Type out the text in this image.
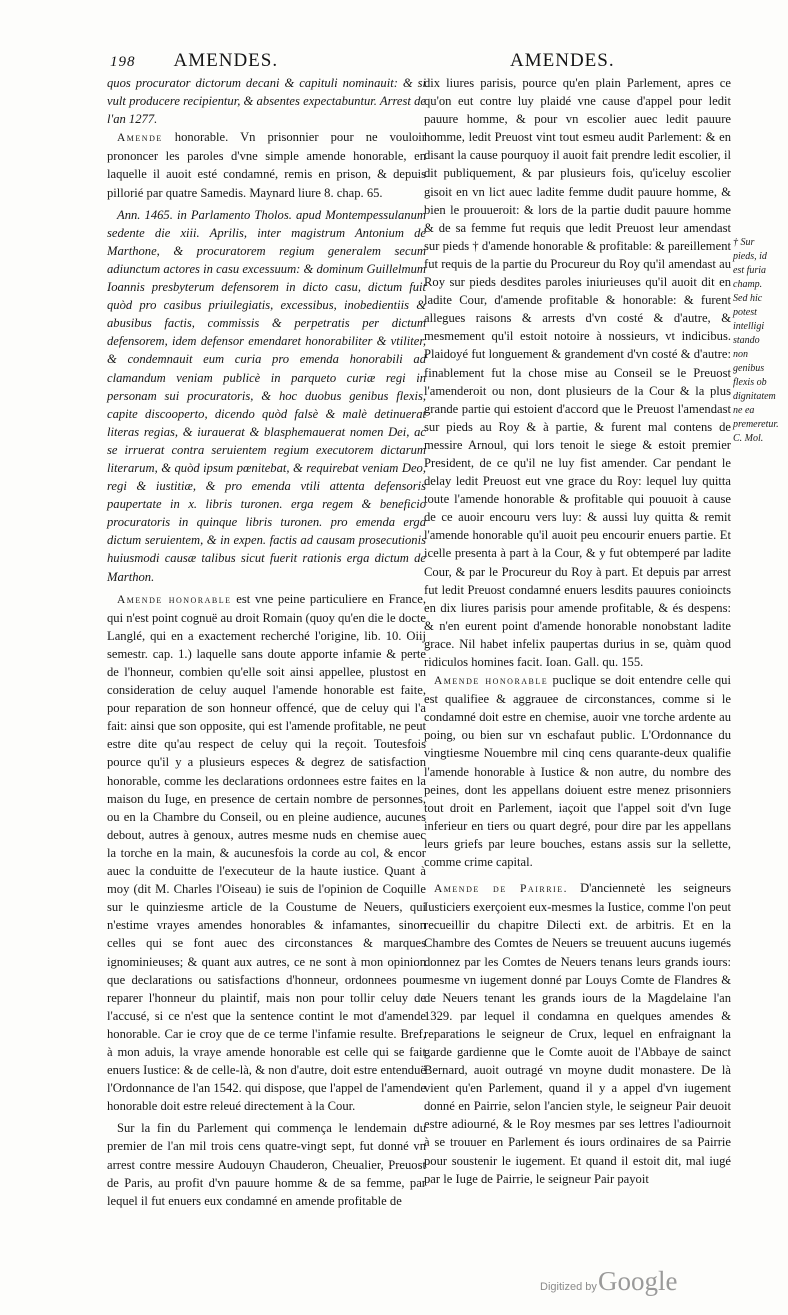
198 AMENDES.	AMENDES.

quos procurator dictorum decani & capituli nominauit: & si vult producere recipientur, & absentes expectabuntur. Arrest de l'an 1277.

Amende honorable. Vn prisonnier pour ne vouloir prononcer les paroles d'vne simple amende honorable, en laquelle il auoit esté condamné, remis en prison, & depuis pillorié par quatre Samedis. Maynard liure 8. chap. 65.

Ann. 1465. in Parlamento Tholos. apud Montempessulanum sedente die xiii. Aprilis, inter magistrum Antonium de Marthone, & procuratorem regium generalem secum adiunctum actores in casu excessuum: & dominum Guillelmum Ioannis presbyterum defensorem in dicto casu, dictum fuit quòd pro casibus priuilegiatis, excessibus, inobedientiis & abusibus factis, commissis & perpetratis per dictum defensorem, idem defensor emendaret honorabiliter & vtiliter, & condemnauit eum curia pro emenda honorabili ad clamandum veniam publicè in parqueto curiæ regi in personam sui procuratoris, & hoc duobus genibus flexis, capite discooperto, dicendo quòd falsè & malè detinuerat literas regias, & iurauerat & blasphemauerat nomen Dei, ac se irruerat contra seruientem regium executorem dictarum literarum, & quòd ipsum pœnitebat, & requirebat veniam Deo, regi & iustitiæ, & pro emenda vtili attenta defensoris paupertate in x. libris turonen. erga regem & beneficio procuratoris in quinque libris turonen. pro emenda erga dictum seruientem, & in expen. factis ad causam prosecutionis huiusmodi causæ talibus sicut fuerit rationis erga dictum de Marthon.

Amende honorable est vne peine particuliere en France, qui n'est point cognuë au droit Romain (quoy qu'en die le docte Langlé, qui en a exactement recherché l'origine, lib. 10. Oiij semestr. cap. 1.) laquelle sans doute apporte infamie & perte de l'honneur, combien qu'elle soit ainsi appellee, plustost en consideration de celuy auquel l'amende honorable est faite, pour reparation de son honneur offencé, que de celuy qui l'a fait: ainsi que son opposite, qui est l'amende profitable, ne peut estre dite qu'au respect de celuy qui la reçoit. Toutesfois pource qu'il y a plusieurs especes & degrez de satisfaction honorable, comme les declarations ordonnees estre faites en la maison du Iuge, en presence de certain nombre de personnes, ou en la Chambre du Conseil, ou en pleine audience, aucunes debout, autres à genoux, autres mesme nuds en chemise auec la torche en la main, & aucunesfois la corde au col, & encor auec la conduitte de l'executeur de la haute iustice. Quant à moy (dit M. Charles l'Oiseau) ie suis de l'opinion de Coquille sur le quinziesme article de la Coustume de Neuers, qui n'estime vrayes amendes honorables & infamantes, sinon celles qui se font auec des circonstances & marques ignominieuses; & quant aux autres, ce ne sont à mon opinion que declarations ou satisfactions d'honneur, ordonnees pour reparer l'honneur du plaintif, mais non pour tollir celuy de l'accusé, si ce n'est que la sentence contint le mot d'amende honorable. Car ie croy que de ce terme l'infamie resulte. Bref, à mon aduis, la vraye amende honorable est celle qui se fait enuers Iustice: & de celle-là, & non d'autre, doit estre entenduë l'Ordonnance de l'an 1542. qui dispose, que l'appel de l'amende honorable doit estre releué directement à la Cour.

Sur la fin du Parlement qui commença le lendemain du premier de l'an mil trois cens quatre-vingt sept, fut donné vn arrest contre messire Audouyn Chauderon, Cheualier, Preuost de Paris, au profit d'vn pauure homme & de sa femme, par lequel il fut enuers eux condamné en amende profitable de

dix liures parisis, pource qu'en plain Parlement, apres ce qu'on eut contre luy plaidé vne cause d'appel pour ledit pauure homme, & pour vn escolier auec ledit pauure homme, ledit Preuost vint tout esmeu audit Parlement: & en disant la cause pourquoy il auoit fait prendre ledit escolier, il dit publiquement, & par plusieurs fois, qu'iceluy escolier gisoit en vn lict auec ladite femme dudit pauure homme, & bien le prouueroit: & lors de la partie dudit pauure homme & de sa femme fut requis que ledit Preuost leur amendast sur pieds † d'amende honorable & profitable: & pareillement fut requis de la partie du Procureur du Roy qu'il amendast au Roy sur pieds desdites paroles iniurieuses qu'il auoit dit en ladite Cour, d'amende profitable & honorable: & furent allegues raisons & arrests d'vn costé & d'autre, & mesmement qu'il estoit notoire à nossieurs, vt indicibus. Plaidoyé fut longuement & grandement d'vn costé & d'autre: finablement fut la chose mise au Conseil se le Preuost l'amenderoit ou non, dont plusieurs de la Cour & la plus grande partie qui estoient d'accord que le Preuost l'amendast sur pieds au Roy & à partie, & furent mal contens de messire Arnoul, qui lors tenoit le siege & estoit premier President, de ce qu'il ne luy fist amender. Car pendant le delay ledit Preuost eut vne grace du Roy: lequel luy quitta toute l'amende honorable & profitable qui pouuoit à cause de ce auoir encouru vers luy: & aussi luy quitta & remit l'amende honorable qu'il auoit peu encourir enuers partie. Et icelle presenta à part à la Cour, & y fut obtemperé par ladite Cour, & par le Procureur du Roy à part. Et depuis par arrest fut ledit Preuost condamné enuers lesdits pauures conioincts en dix liures parisis pour amende profitable, & és despens: & n'en eurent point d'amende honorable nonobstant ladite grace. Nil habet infelix paupertas durius in se, quàm quod ridiculos homines facit. Ioan. Gall. qu. 155.

Amende honorable puclique se doit entendre celle qui est qualifiee & aggrauee de circonstances, comme si le condamné doit estre en chemise, auoir vne torche ardente au poing, ou bien sur vn eschafaut public. L'Ordonnance du vingtiesme Nouembre mil cinq cens quarante-deux qualifie l'amende honorable à Iustice & non autre, du nombre des peines, dont les appellans doiuent estre menez prisonniers tout droit en Parlement, iaçoit que l'appel soit d'vn Iuge inferieur en tiers ou quart degré, pour dire par les appellans leurs griefs par leure bouches, estans assis sur la sellette, comme crime capital.

Amende de Pairrie. D'anciennetė les seigneurs Iusticiers exerçoient eux-mesmes la Iustice, comme l'on peut recueillir du chapitre Dilecti ext. de arbitris. Et en la Chambre des Comtes de Neuers se treuuent aucuns iugemés donnez par les Comtes de Neuers tenans leurs grands iours: mesme vn iugement donné par Louys Comte de Flandres & de Neuers tenant les grands iours de la Magdelaine l'an 1329. par lequel il condamna en quelques amendes & reparations le seigneur de Crux, lequel en enfraignant la garde gardienne que le Comte auoit de l'Abbaye de sainct Bernard, auoit outragé vn moyne dudit monastere. De là vient qu'en Parlement, quand il y a appel d'vn iugement donné en Pairrie, selon l'ancien style, le seigneur Pair deuoit estre adiourné, & le Roy mesmes par ses lettres l'adiournoit à se trouuer en Parlement és iours ordinaires de sa Pairrie pour soustenir le iugement. Et quand il estoit dit, mal iugé par le Iuge de Pairrie, le seigneur Pair payoit

† Sur pieds, id est furia champ. Sed hic potest intelligi stando non genibus flexis ob dignitatem ne ea premeretur. C. Mol.
Digitized by Google
